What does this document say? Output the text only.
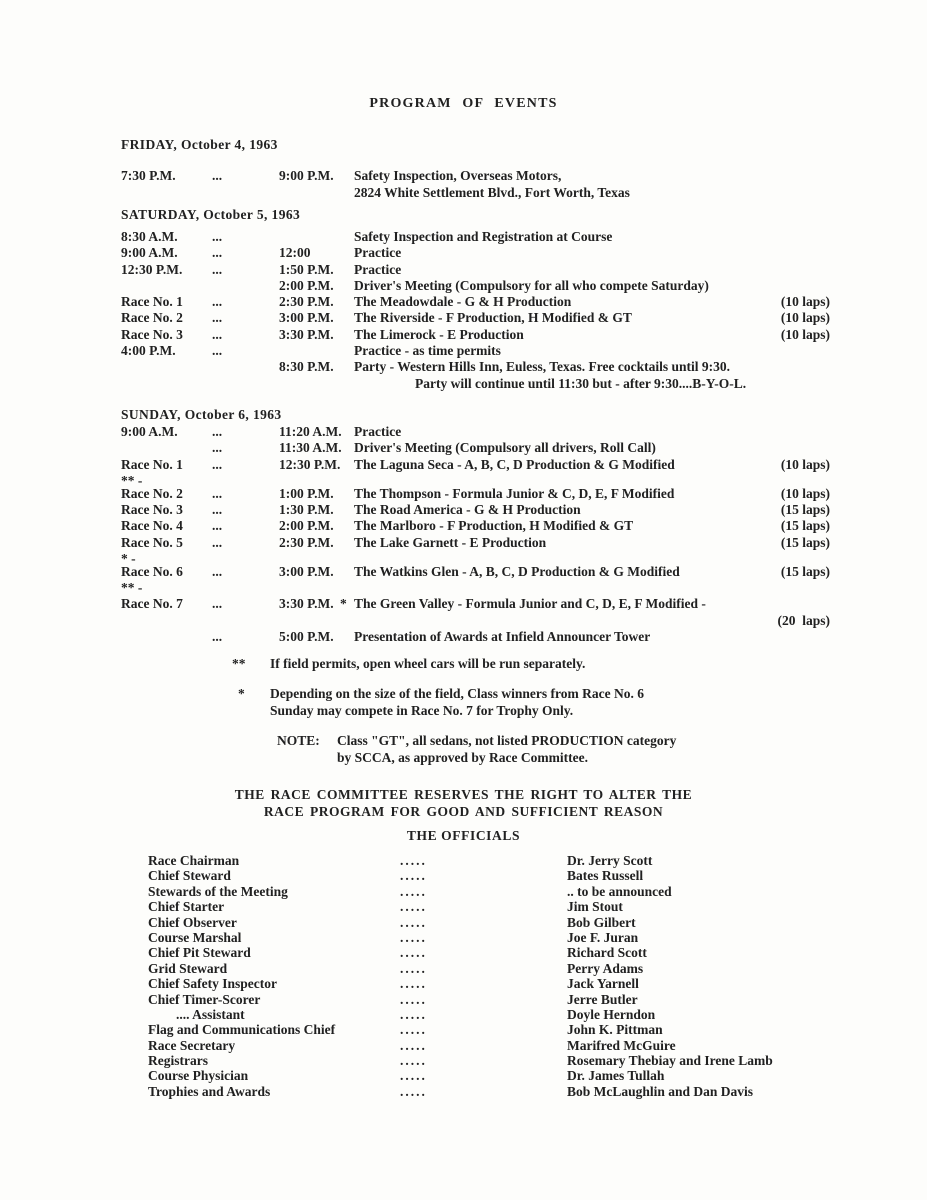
PROGRAM OF EVENTS
FRIDAY, October 4, 1963
7:30 P.M.	...	9:00 P.M. Safety Inspection, Overseas Motors,
2824 White Settlement Blvd., Fort Worth, Texas
SATURDAY, October 5, 1963
8:30 A.M.	...	Safety Inspection and Registration at Course
9:00 A.M.	...	12:00	Practice
12:30 P.M. ...	1:50 P.M. Practice
2:00 P.M. Driver's Meeting (Compulsory for all who compete Saturday)
Race No. 1 ...	2:30 P.M. The Meadowdale - G & H Production	(10 laps)
Race No. 2 ...	3:00 P.M. The Riverside - F Production, H Modified & GT	(10 laps)
Race No. 3 ...	3:30 P.M. The Limerock - E Production	(10 laps)
4:00 P.M.	...	Practice - as time permits
8:30 P.M. Party - Western Hills Inn, Euless, Texas. Free cocktails until 9:30.
Party will continue until 11:30 but - after 9:30....B-Y-O-L.
SUNDAY, October 6, 1963
9:00 A.M.	...	11:20 A.M. Practice
...	11:30 A.M. Driver's Meeting (Compulsory all drivers, Roll Call)
Race No. 1 ...	12:30 P.M. The Laguna Seca - A, B, C, D Production & G Modified	(10 laps)
** -
Race No. 2 ...	1:00 P.M. The Thompson - Formula Junior & C, D, E, F Modified	(10 laps)
Race No. 3 ...	1:30 P.M. The Road America - G & H Production	(15 laps)
Race No. 4 ...	2:00 P.M. The Marlboro - F Production, H Modified & GT	(15 laps)
Race No. 5 ...	2:30 P.M. The Lake Garnett - E Production	(15 laps)
* -
Race No. 6 ...	3:00 P.M. The Watkins Glen - A, B, C, D Production & G Modified	(15 laps)
** -
Race No. 7 ...	3:30 P.M. * The Green Valley - Formula Junior and C, D, E, F Modified -
(20  laps)
...	5:00 P.M. Presentation of Awards at Infield Announcer Tower
** If field permits, open wheel cars will be run separately.
* Depending on the size of the field, Class winners from Race No. 6
Sunday may compete in Race No. 7 for Trophy Only.
NOTE: Class "GT", all sedans, not listed PRODUCTION category
by SCCA, as approved by Race Committee.
THE RACE COMMITTEE RESERVES THE RIGHT TO ALTER THE
RACE PROGRAM FOR GOOD AND SUFFICIENT REASON
THE OFFICIALS
Race Chairman	.....	Dr. Jerry Scott
Chief Steward	.....	Bates Russell
Stewards of the Meeting	.....	.. to be announced
Chief Starter	.....	Jim Stout
Chief Observer	.....	Bob Gilbert
Course Marshal	.....	Joe F. Juran
Chief Pit Steward	.....	Richard Scott
Grid Steward	.....	Perry Adams
Chief Safety Inspector	.....	Jack Yarnell
Chief Timer-Scorer	.....	Jerre Butler
.... Assistant	.....	Doyle Herndon
Flag and Communications Chief	.....	John K. Pittman
Race Secretary	.....	Marifred McGuire
Registrars	.....	Rosemary Thebiay and Irene Lamb
Course Physician	.....	Dr. James Tullah
Trophies and Awards	.....	Bob McLaughlin and Dan Davis
